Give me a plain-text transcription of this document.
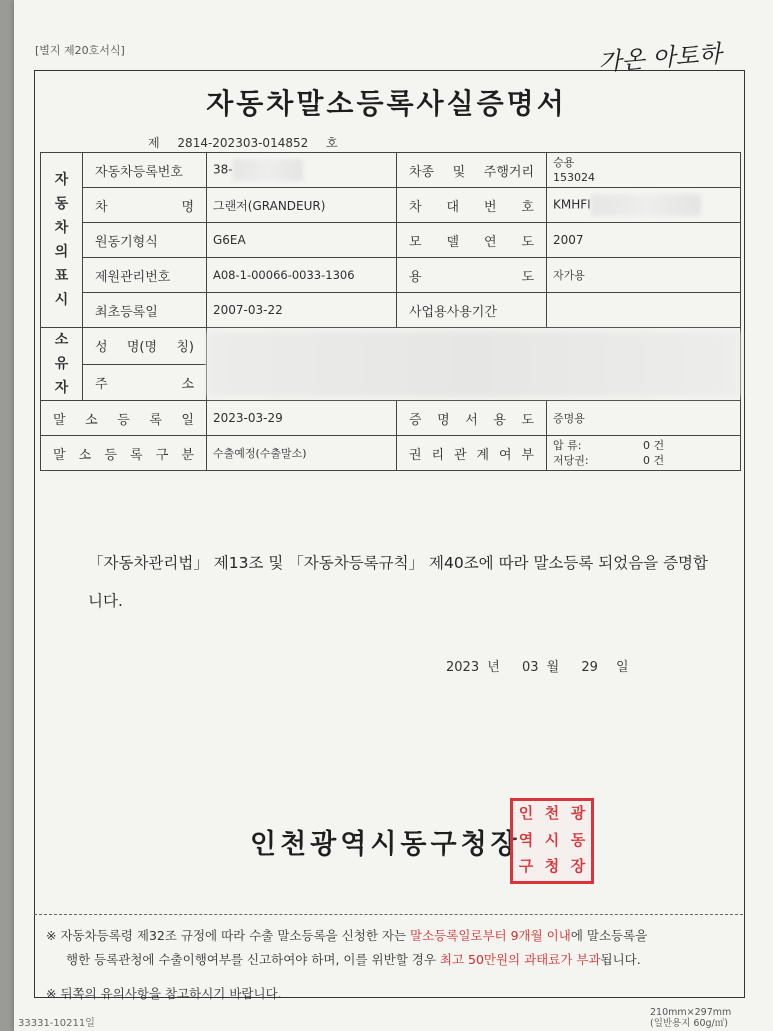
[별지 제20호서식]	가온 아토하
자동차말소등록사실증명서
제 2814-202303-014852 호
자 동 차 의 표 시	자동차등록번호	38-	차종 및 주행거리	승용
153024

	차 명	그랜저(GRANDEUR)	차 대 번 호	KMHFI
	원동기형식	G6EA	모 델 연 도	2007
	제원관리번호	A08-1-00066-0033-1306	용 도	자가용
	최초등록일	2007-03-22	사업용사용기간	
소 유 자	성 명(명 칭)			

	주 소			
말 소 등 록 일		2023-03-29	증 명 서 용 도	증명용
말 소 등 록 구 분		수출예정(수출말소)	권 리 관 계 여 부	압 류: 0 건
저당권: 0 건
「자동차관리법」 제13조 및 「자동차등록규칙」 제40조에 따라 말소등록 되었음을 증명합니다.
2023 년 03 월 29 일
인천광역시동구청장
인 천 광
역 시 동
구 청 장
※ 자동차등록령 제32조 규정에 따라 수출 말소등록을 신청한 자는 말소등록일로부터 9개월 이내에 말소등록을
행한 등록관청에 수출이행여부를 신고하여야 하며, 이를 위반할 경우 최고 50만원의 과태료가 부과됩니다.
※ 뒤쪽의 유의사항을 참고하시기 바랍니다.
33331-10211일
210mm×297mm
(일반용지 60g/㎡)
